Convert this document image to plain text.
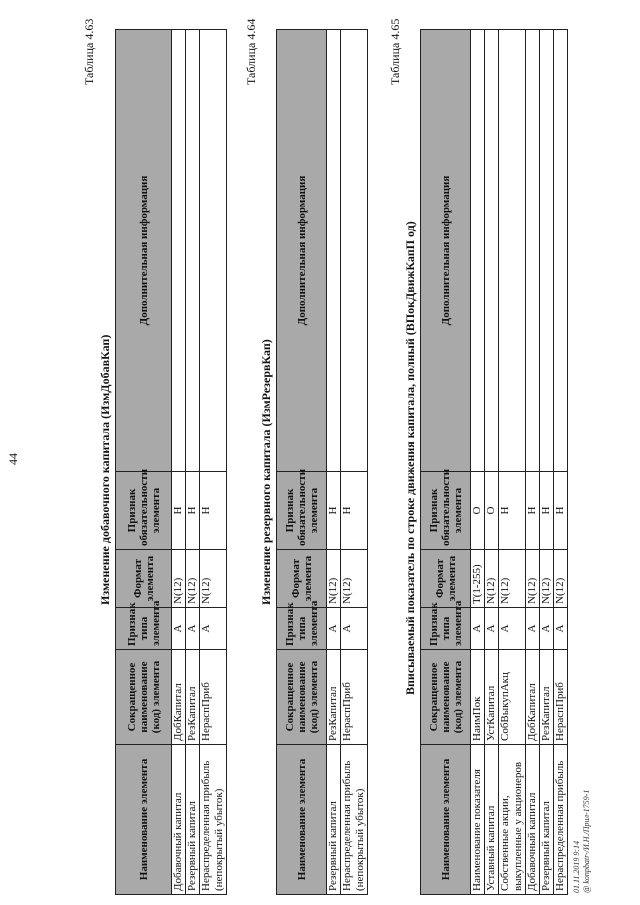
44
Таблица 4.63
Изменение добавочного капитала (ИзмДобавКап)
Наименование элемента	Сокращенное наименование (код) элемента	Признак типа элемента	Формат элемента	Признак обязательности элемента	Дополнительная информация
Добавочный капитал	ДобКапитал	А	N(12)	Н	
Резервный капитал	РезКапитал	А	N(12)	Н	
Нераспределенная прибыль (непокрытый убыток)	НераспПриб	А	N(12)	Н	
Таблица 4.64
Изменение резервного капитала (ИзмРезервКап)
Наименование элемента	Сокращенное наименование (код) элемента	Признак типа элемента	Формат элемента	Признак обязательности элемента	Дополнительная информация
Резервный капитал	РезКапитал	А	N(12)	Н	
Нераспределенная прибыль (непокрытый убыток)	НераспПриб	А	N(12)	Н	
Таблица 4.65
Вписываемый показатель по строке движения капитала, полный (ВПокДвижКапП од)
Наименование элемента	Сокращенное наименование (код) элемента	Признак типа элемента	Формат элемента	Признак обязательности элемента	Дополнительная информация
Наименование показателя	НаимПок	А	T(1-255)	О	
Уставный капитал	УстКапитал	А	N(12)	О	
Собственные акции, выкупленные у акционеров	СобВыкупАкц	А	N(12)	Н	
Добавочный капитал	ДобКапитал	А	N(12)	Н	
Резервный капитал	РезКапитал	А	N(12)	Н	
Нераспределенная прибыль	НераспПриб	А	N(12)	Н	
01.11.2019 9:14 @ konpbatr-/И.Н./Прил-1759-1
